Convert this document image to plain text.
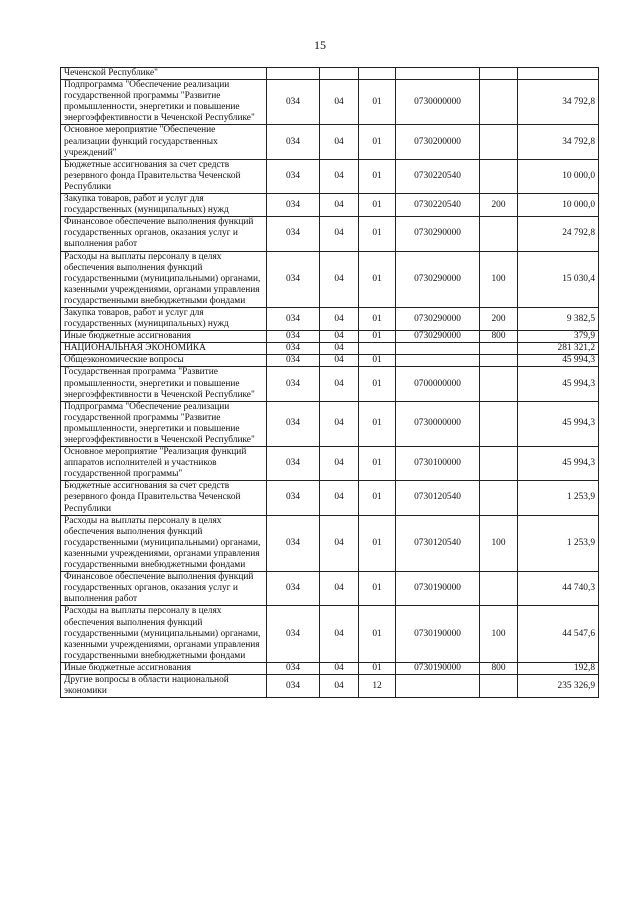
15
Чеченской Республике"						
Подпрограмма "Обеспечение реализации государственной программы "Развитие промышленности, энергетики и повышение энергоэффективности в Чеченской Республике"	034	04	01	0730000000		34 792,8
Основное мероприятие "Обеспечение реализации функций государственных учреждений"	034	04	01	0730200000		34 792,8
Бюджетные ассигнования за счет средств резервного фонда Правительства Чеченской Республики	034	04	01	0730220540		10 000,0
Закупка товаров, работ и услуг для государственных (муниципальных) нужд	034	04	01	0730220540	200	10 000,0
Финансовое обеспечение выполнения функций государственных органов, оказания услуг и выполнения работ	034	04	01	0730290000		24 792,8
Расходы на выплаты персоналу в целях обеспечения выполнения функций государственными (муниципальными) органами, казенными учреждениями, органами управления государственными внебюджетными фондами	034	04	01	0730290000	100	15 030,4
Закупка товаров, работ и услуг для государственных (муниципальных) нужд	034	04	01	0730290000	200	9 382,5
Иные бюджетные ассигнования	034	04	01	0730290000	800	379,9
НАЦИОНАЛЬНАЯ ЭКОНОМИКА	034	04				281 321,2
Общеэкономические вопросы	034	04	01			45 994,3
Государственная программа "Развитие промышленности, энергетики и повышение энергоэффективности в Чеченской Республике"	034	04	01	0700000000		45 994,3
Подпрограмма "Обеспечение реализации государственной программы "Развитие промышленности, энергетики и повышение энергоэффективности в Чеченской Республике"	034	04	01	0730000000		45 994,3
Основное мероприятие "Реализация функций аппаратов исполнителей и участников государственной программы"	034	04	01	0730100000		45 994,3
Бюджетные ассигнования за счет средств резервного фонда Правительства Чеченской Республики	034	04	01	0730120540		1 253,9
Расходы на выплаты персоналу в целях обеспечения выполнения функций государственными (муниципальными) органами, казенными учреждениями, органами управления государственными внебюджетными фондами	034	04	01	0730120540	100	1 253,9
Финансовое обеспечение выполнения функций государственных органов, оказания услуг и выполнения работ	034	04	01	0730190000		44 740,3
Расходы на выплаты персоналу в целях обеспечения выполнения функций государственными (муниципальными) органами, казенными учреждениями, органами управления государственными внебюджетными фондами	034	04	01	0730190000	100	44 547,6
Иные бюджетные ассигнования	034	04	01	0730190000	800	192,8
Другие вопросы в области национальной экономики	034	04	12			235 326,9
